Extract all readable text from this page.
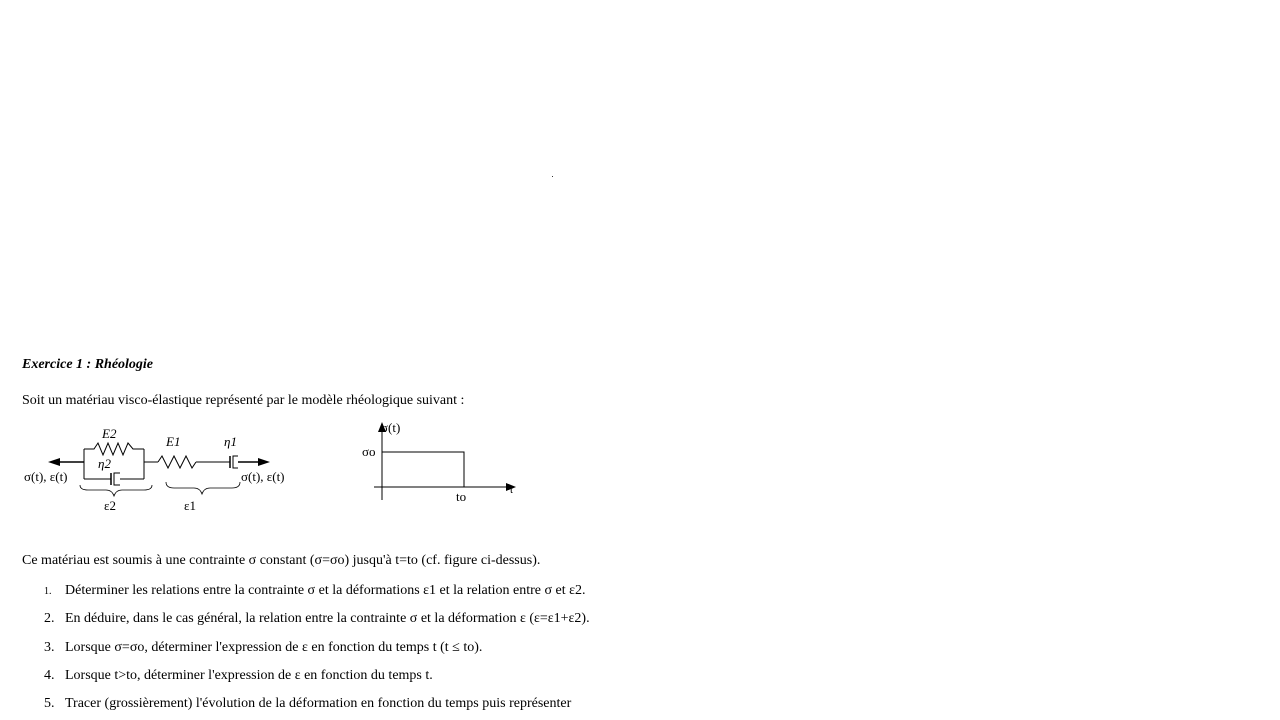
Exercice 1 : Rhéologie
Soit un matériau visco-élastique représenté par le modèle rhéologique suivant :
E2
η2
E1	η1
σ(t), ε(t)	σ(t), ε(t)
ε2	ε1
σ(t)
σo
to	t
Ce matériau est soumis à une contrainte σ constant (σ=σo) jusqu'à t=to (cf. figure ci-dessus).
1. Déterminer les relations entre la contrainte σ et la déformations ε1 et la relation entre σ et ε2.
2. En déduire, dans le cas général, la relation entre la contrainte σ et la déformation ε (ε=ε1+ε2).
3. Lorsque σ=σo, déterminer l'expression de ε en fonction du temps t (t ≤ to).
4. Lorsque t>to, déterminer l'expression de ε en fonction du temps t.
5. Tracer (grossièrement) l'évolution de la déformation en fonction du temps puis représenter
